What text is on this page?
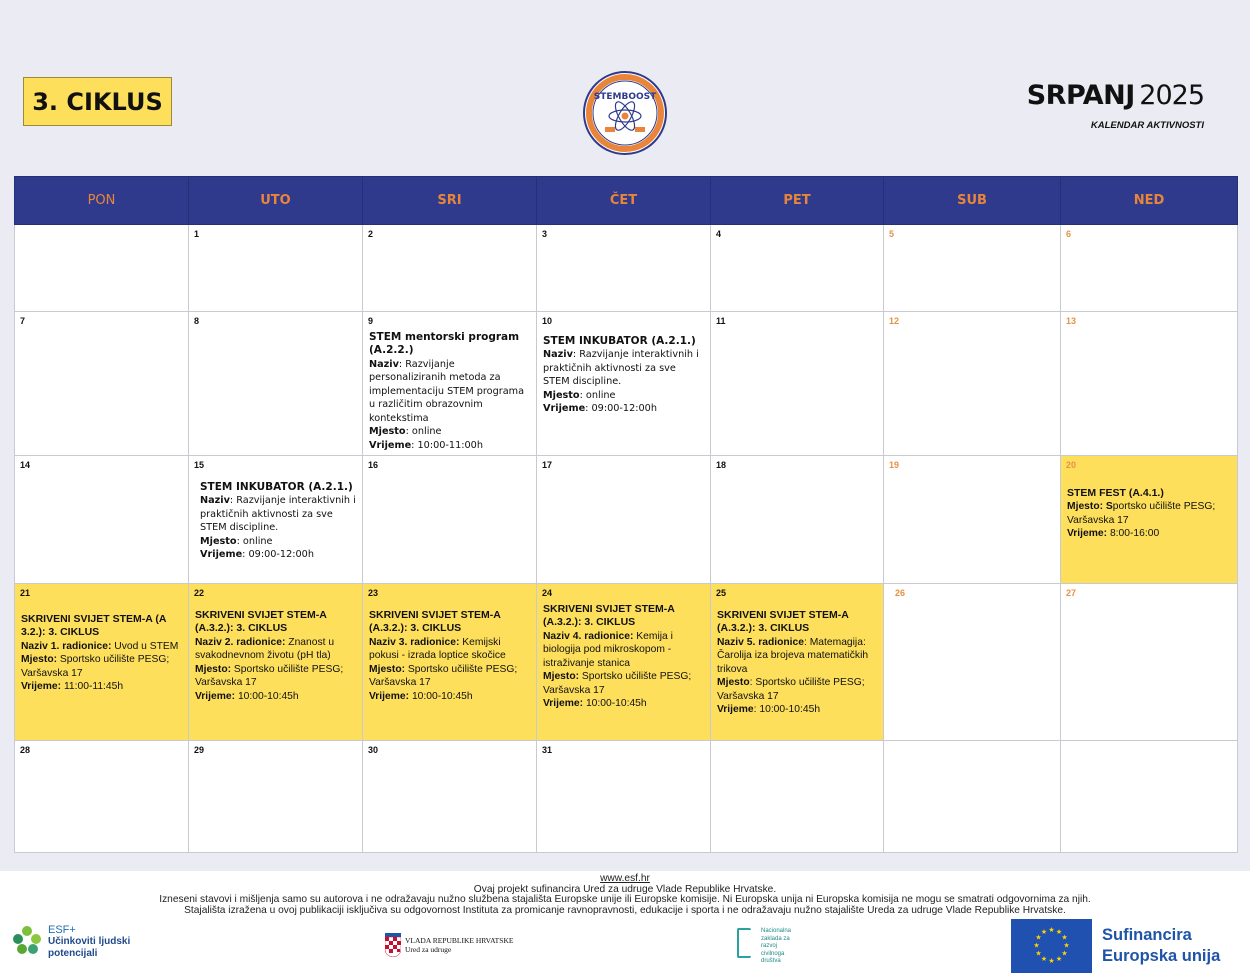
3. CIKLUS	STEMBOOST	SRPANJ 2025
KALENDAR AKTIVNOSTI
PON	UTO	SRI	ČET	PET	SUB	NED

	1	2	3	4	5	6

7	8	9
STEM mentorski program (A.2.2.)
Naziv: Razvijanje personaliziranih metoda za implementaciju STEM programa u različitim obrazovnim kontekstima
Mjesto: online
Vrijeme: 10:00-11:00h	10
STEM INKUBATOR (A.2.1.)
Naziv: Razvijanje interaktivnih i praktičnih aktivnosti za sve STEM discipline.
Mjesto: online
Vrijeme: 09:00-12:00h	11	12	13

14	15
STEM INKUBATOR (A.2.1.)
Naziv: Razvijanje interaktivnih i praktičnih aktivnosti za sve STEM discipline.
Mjesto: online
Vrijeme: 09:00-12:00h	16	17	18	19	20
STEM FEST (A.4.1.)
Mjesto: Sportsko učilište PESG; Varšavska 17
Vrijeme: 8:00-16:00

21
SKRIVENI SVIJET STEM-A (A 3.2.): 3. CIKLUS
Naziv 1. radionice: Uvod u STEM
Mjesto: Sportsko učilište PESG; Varšavska 17
Vrijeme: 11:00-11:45h	22
SKRIVENI SVIJET STEM-A (A.3.2.): 3. CIKLUS
Naziv 2. radionice: Znanost u svakodnevnom životu (pH tla)
Mjesto: Sportsko učilište PESG; Varšavska 17
Vrijeme: 10:00-10:45h	23
SKRIVENI SVIJET STEM-A (A.3.2.): 3. CIKLUS
Naziv 3. radionice: Kemijski pokusi - izrada loptice skočice
Mjesto: Sportsko učilište PESG; Varšavska 17
Vrijeme: 10:00-10:45h	24
SKRIVENI SVIJET STEM-A (A.3.2.): 3. CIKLUS
Naziv 4. radionice: Kemija i biologija pod mikroskopom - istraživanje stanica
Mjesto: Sportsko učilište PESG; Varšavska 17
Vrijeme: 10:00-10:45h	25
SKRIVENI SVIJET STEM-A (A.3.2.): 3. CIKLUS
Naziv 5. radionice: Matemagija: Čarolija iza brojeva matematičkih trikova
Mjesto: Sportsko učilište PESG; Varšavska 17
Vrijeme: 10:00-10:45h	26	27

28	29	30	31			

www.esf.hr
Ovaj projekt sufinancira Ured za udruge Vlade Republike Hrvatske.
Izneseni stavovi i mišljenja samo su autorova i ne odražavaju nužno službena stajališta Europske unije ili Europske komisije. Ni Europska unija ni Europska komisija ne mogu se smatrati odgovornima za njih.
Stajališta izražena u ovoj publikaciji isključiva su odgovornost Instituta za promicanje ravnopravnosti, edukacije i sporta i ne odražavaju nužno stajalište Ureda za udruge Vlade Republike Hrvatske.
ESF+
Učinkoviti ljudski
potencijali
VLADA REPUBLIKE HRVATSKE
Ured za udruge
Nacionalna
zaklada za
razvoj
civilnoga
društva
★ ★
★
★
★
★
★
★
★
★
★
★	Sufinancira
Europska unija
